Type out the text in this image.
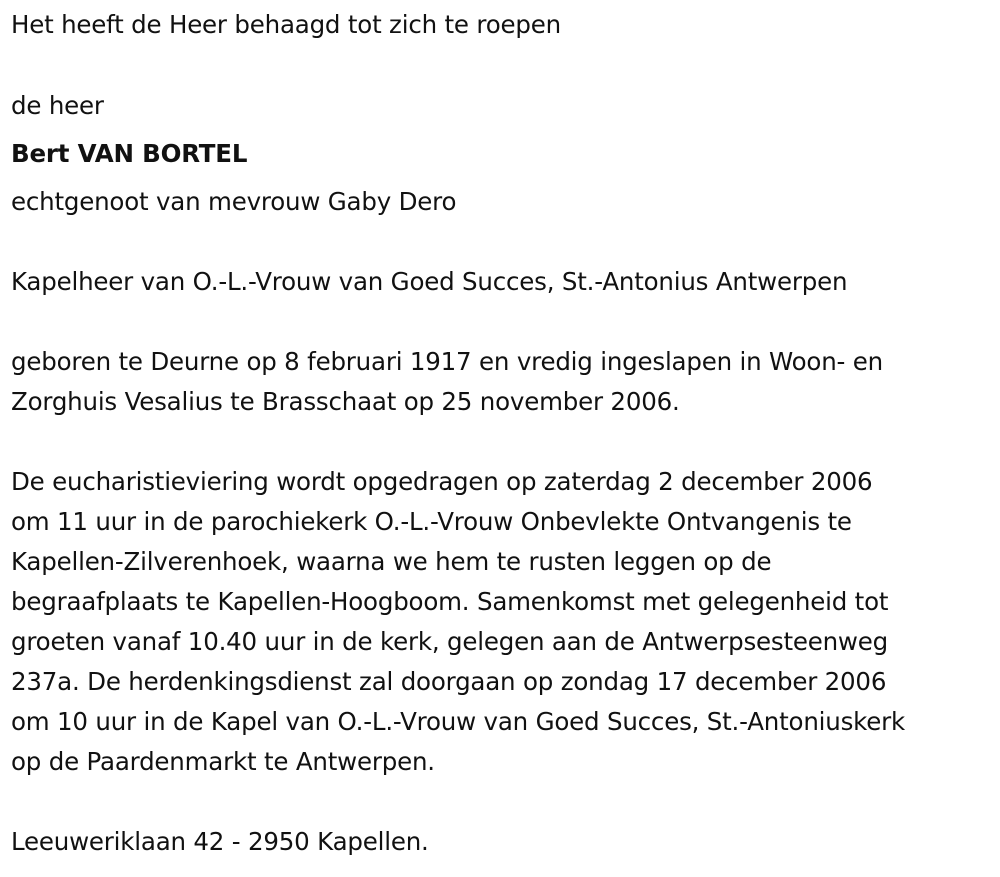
Het heeft de Heer behaagd tot zich te roepen
de heer
Bert VAN BORTEL
echtgenoot van mevrouw Gaby Dero
Kapelheer van O.-L.-Vrouw van Goed Succes, St.-Antonius Antwerpen
geboren te Deurne op 8 februari 1917 en vredig ingeslapen in Woon- en
Zorghuis Vesalius te Brasschaat op 25 november 2006.
De eucharistieviering wordt opgedragen op zaterdag 2 december 2006
om 11 uur in de parochiekerk O.-L.-Vrouw Onbevlekte Ontvangenis te
Kapellen-Zilverenhoek, waarna we hem te rusten leggen op de
begraafplaats te Kapellen-Hoogboom. Samenkomst met gelegenheid tot
groeten vanaf 10.40 uur in de kerk, gelegen aan de Antwerpsesteenweg
237a. De herdenkingsdienst zal doorgaan op zondag 17 december 2006
om 10 uur in de Kapel van O.-L.-Vrouw van Goed Succes, St.-Antoniuskerk
op de Paardenmarkt te Antwerpen.
Leeuweriklaan 42 - 2950 Kapellen.
